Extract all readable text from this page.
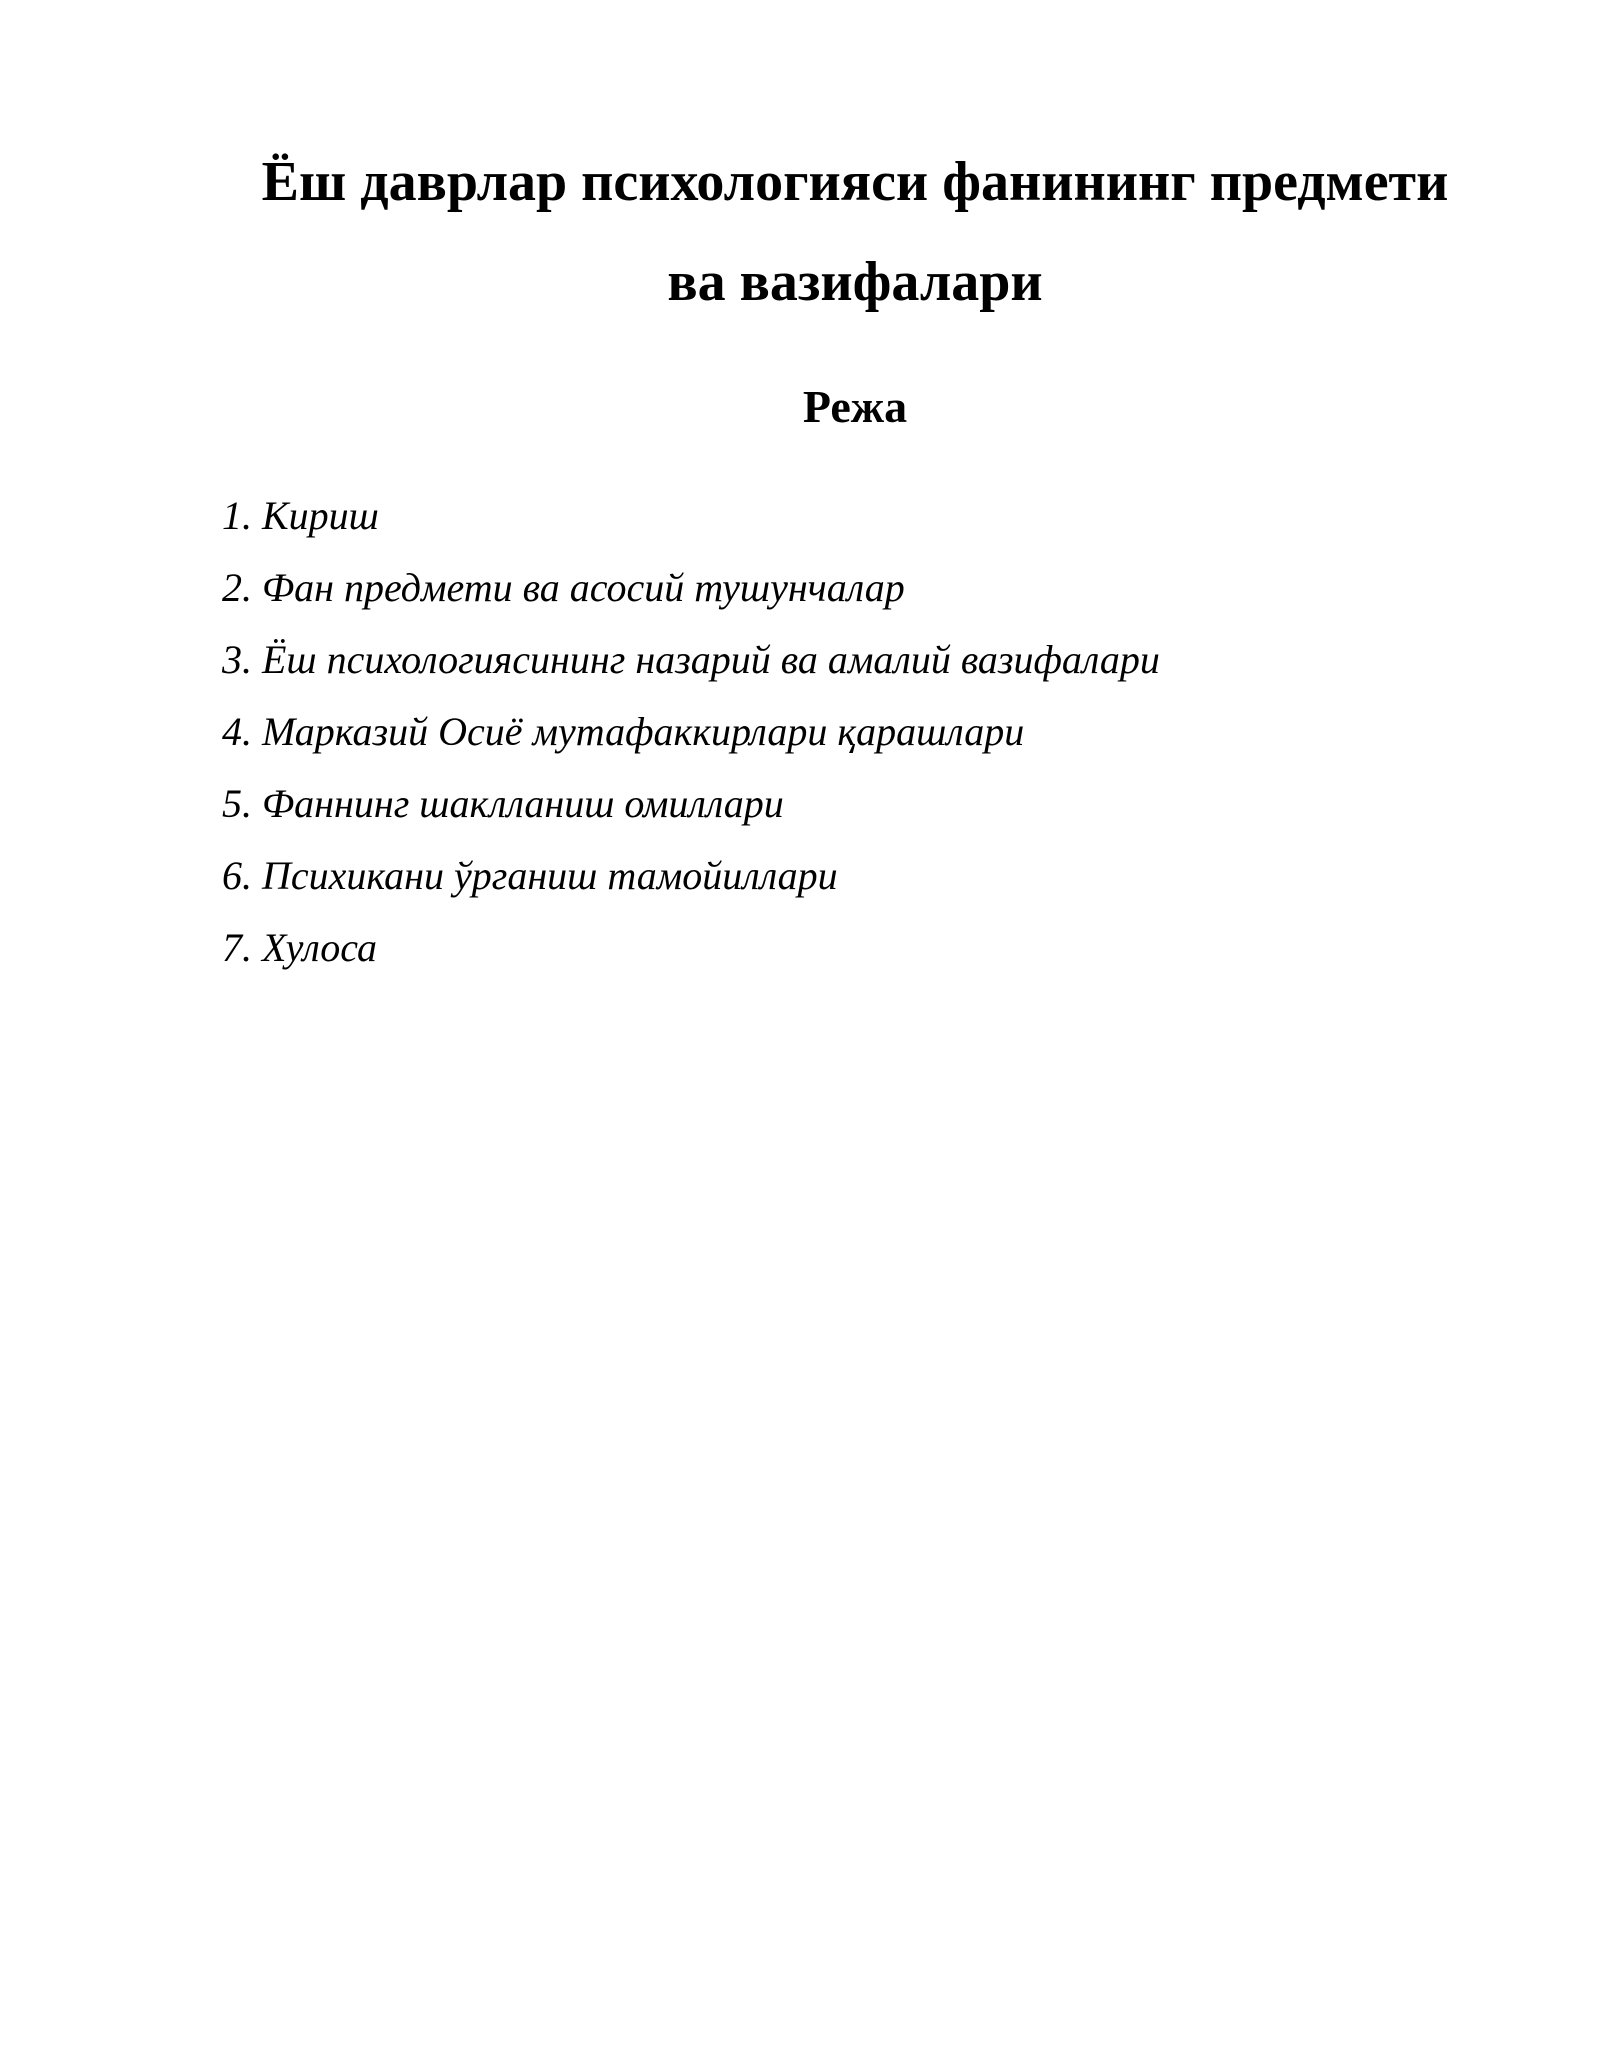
Ёш даврлар психологияси фанининг предмети
ва вазифалари
Режа
1. Кириш
2. Фан предмети ва асосий тушунчалар
3. Ёш психологиясининг назарий ва амалий вазифалари
4. Марказий Осиё мутафаккирлари қарашлари
5. Фаннинг шаклланиш омиллари
6. Психикани ўрганиш тамойиллари
7. Хулоса
